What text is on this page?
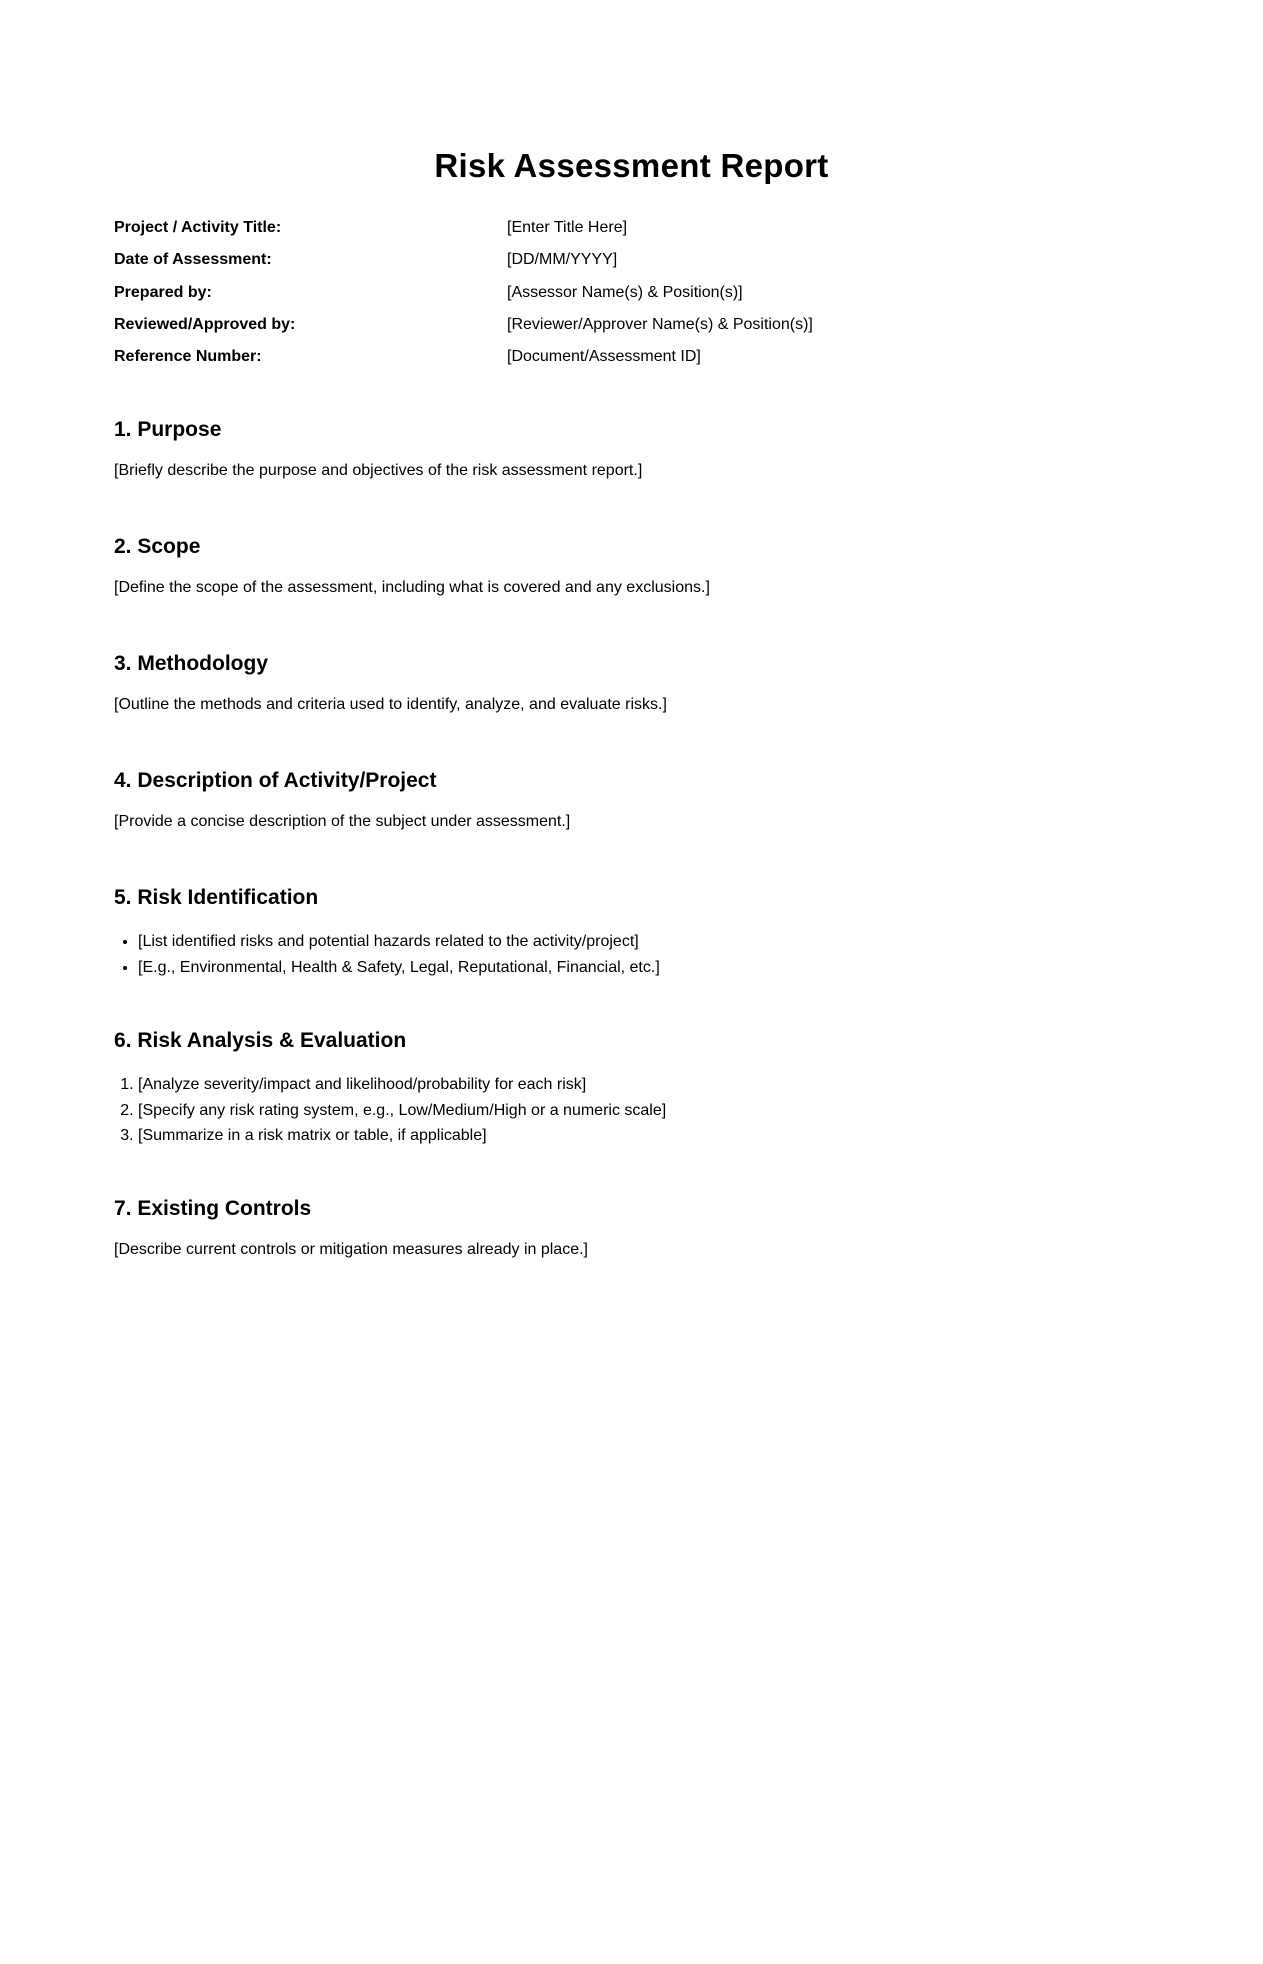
Risk Assessment Report
Project / Activity Title:	[Enter Title Here]
Date of Assessment:	[DD/MM/YYYY]
Prepared by:	[Assessor Name(s) & Position(s)]
Reviewed/Approved by:	[Reviewer/Approver Name(s) & Position(s)]
Reference Number:	[Document/Assessment ID]
1. Purpose

[Briefly describe the purpose and objectives of the risk assessment report.]

2. Scope

[Define the scope of the assessment, including what is covered and any exclusions.]

3. Methodology

[Outline the methods and criteria used to identify, analyze, and evaluate risks.]

4. Description of Activity/Project

[Provide a concise description of the subject under assessment.]

5. Risk Identification
• [List identified risks and potential hazards related to the activity/project]
• [E.g., Environmental, Health & Safety, Legal, Reputational, Financial, etc.]
6. Risk Analysis & Evaluation
1. [Analyze severity/impact and likelihood/probability for each risk]
2. [Specify any risk rating system, e.g., Low/Medium/High or a numeric scale]
3. [Summarize in a risk matrix or table, if applicable]
7. Existing Controls

[Describe current controls or mitigation measures already in place.]
